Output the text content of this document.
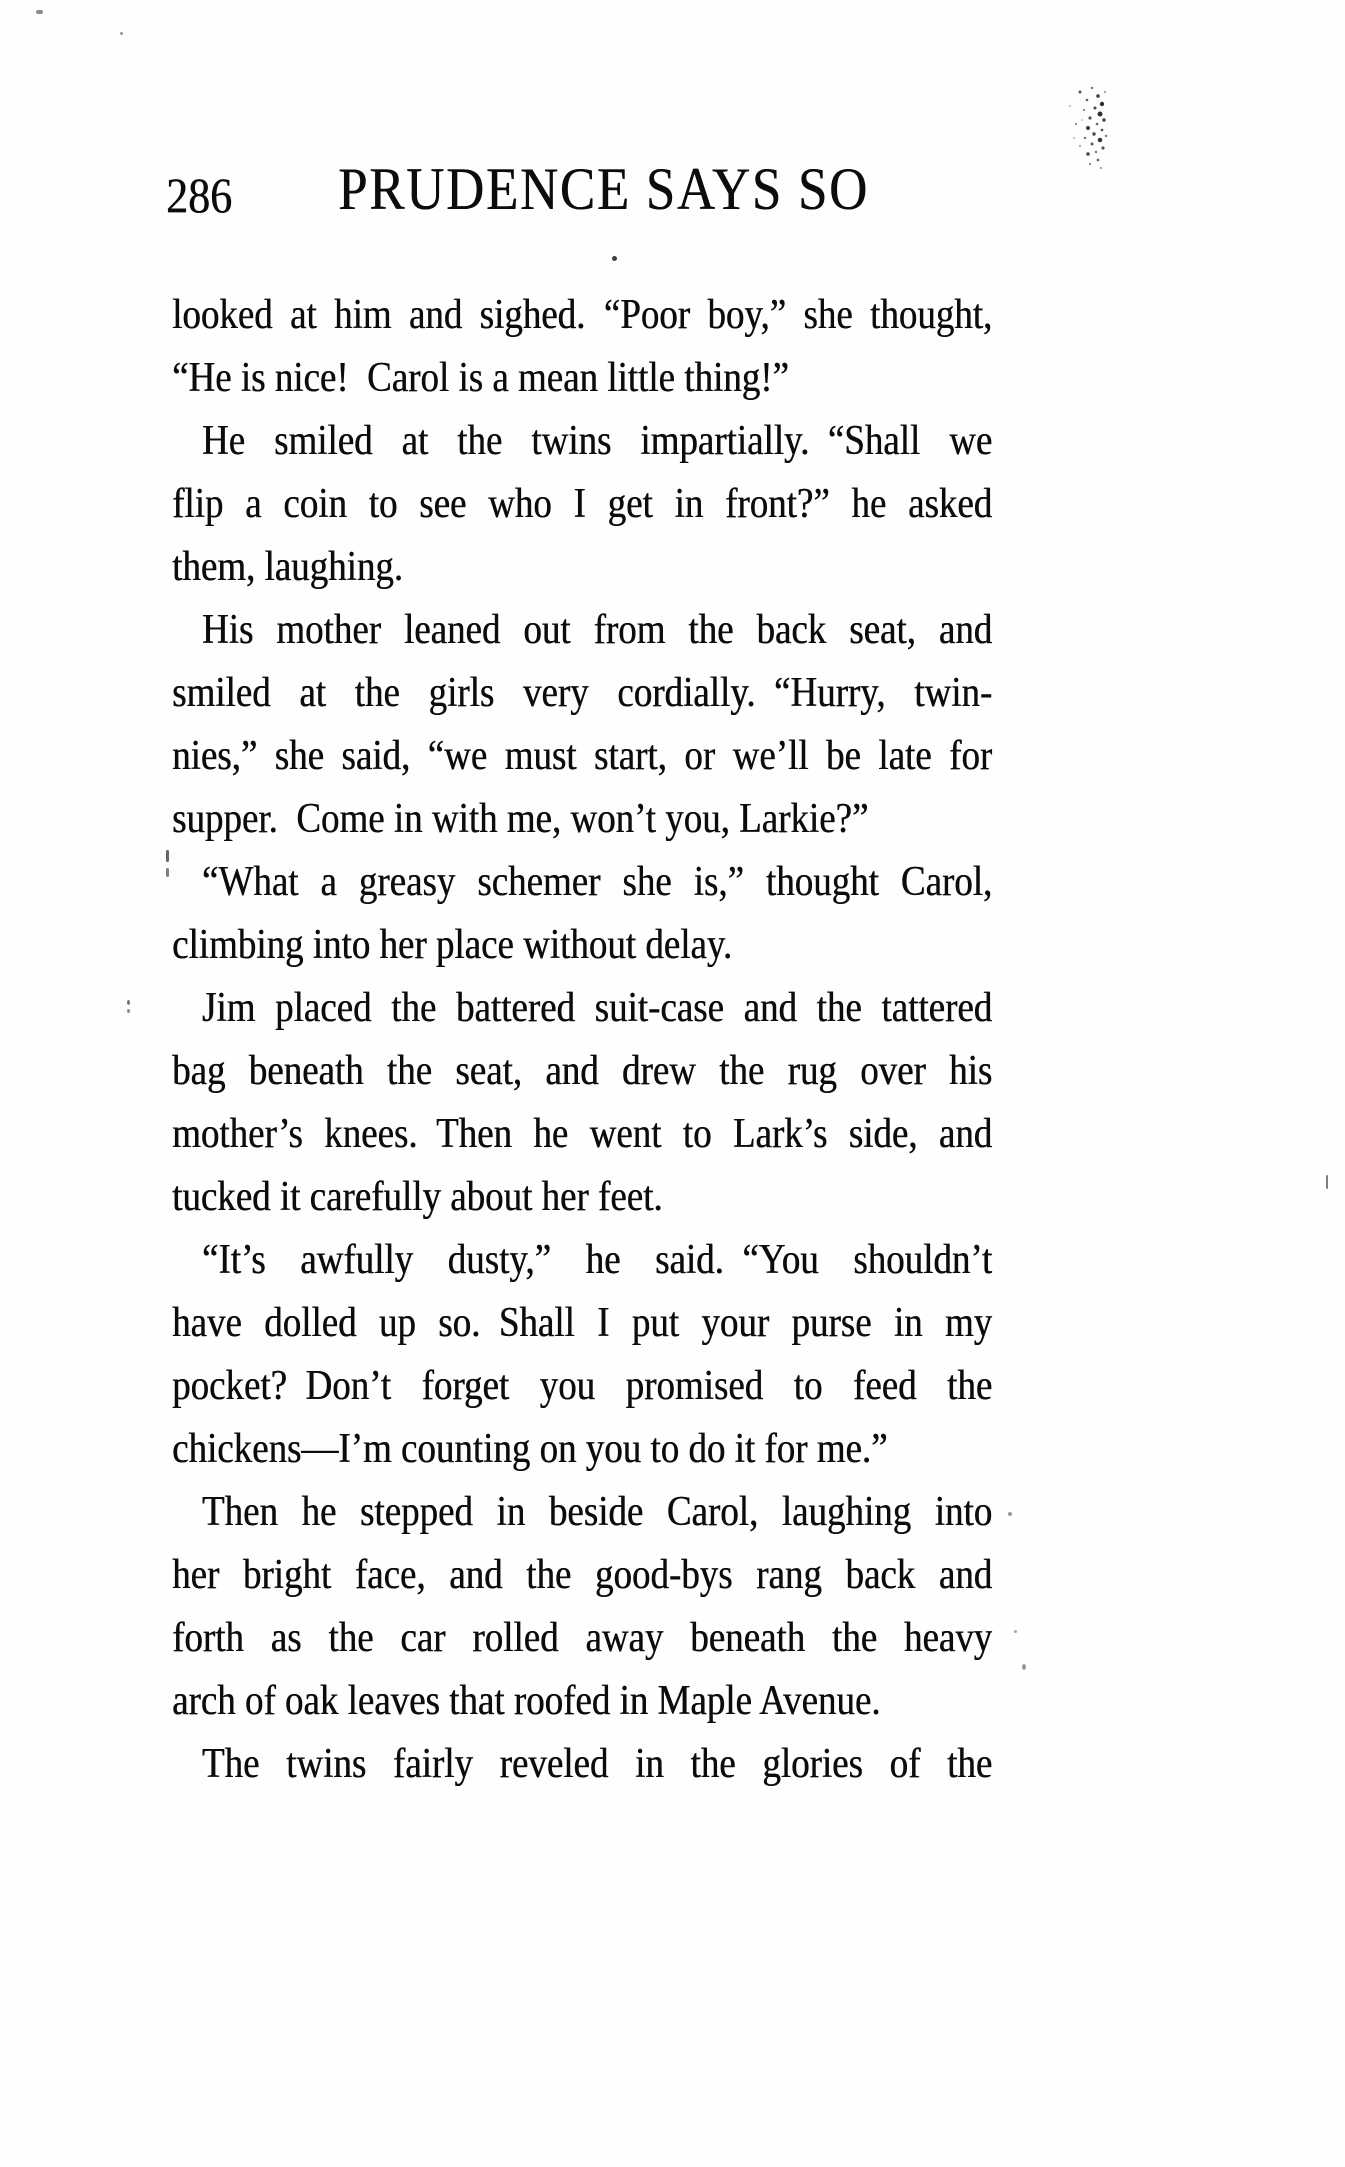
286 PRUDENCE SAYS SO
looked at him and sighed. “Poor boy,” she thought,
“He is nice! Carol is a mean little thing!”
He smiled at the twins impartially. “Shall we
flip a coin to see who I get in front?” he asked
them, laughing.
His mother leaned out from the back seat, and
smiled at the girls very cordially. “Hurry, twin-
nies,” she said, “we must start, or we’ll be late for
supper. Come in with me, won’t you, Larkie?”
“What a greasy schemer she is,” thought Carol,
climbing into her place without delay.
Jim placed the battered suit-case and the tattered
bag beneath the seat, and drew the rug over his
mother’s knees. Then he went to Lark’s side, and
tucked it carefully about her feet.
“It’s awfully dusty,” he said. “You shouldn’t
have dolled up so. Shall I put your purse in my
pocket? Don’t forget you promised to feed the
chickens—I’m counting on you to do it for me.”
Then he stepped in beside Carol, laughing into
her bright face, and the good-bys rang back and
forth as the car rolled away beneath the heavy
arch of oak leaves that roofed in Maple Avenue.
The twins fairly reveled in the glories of the
